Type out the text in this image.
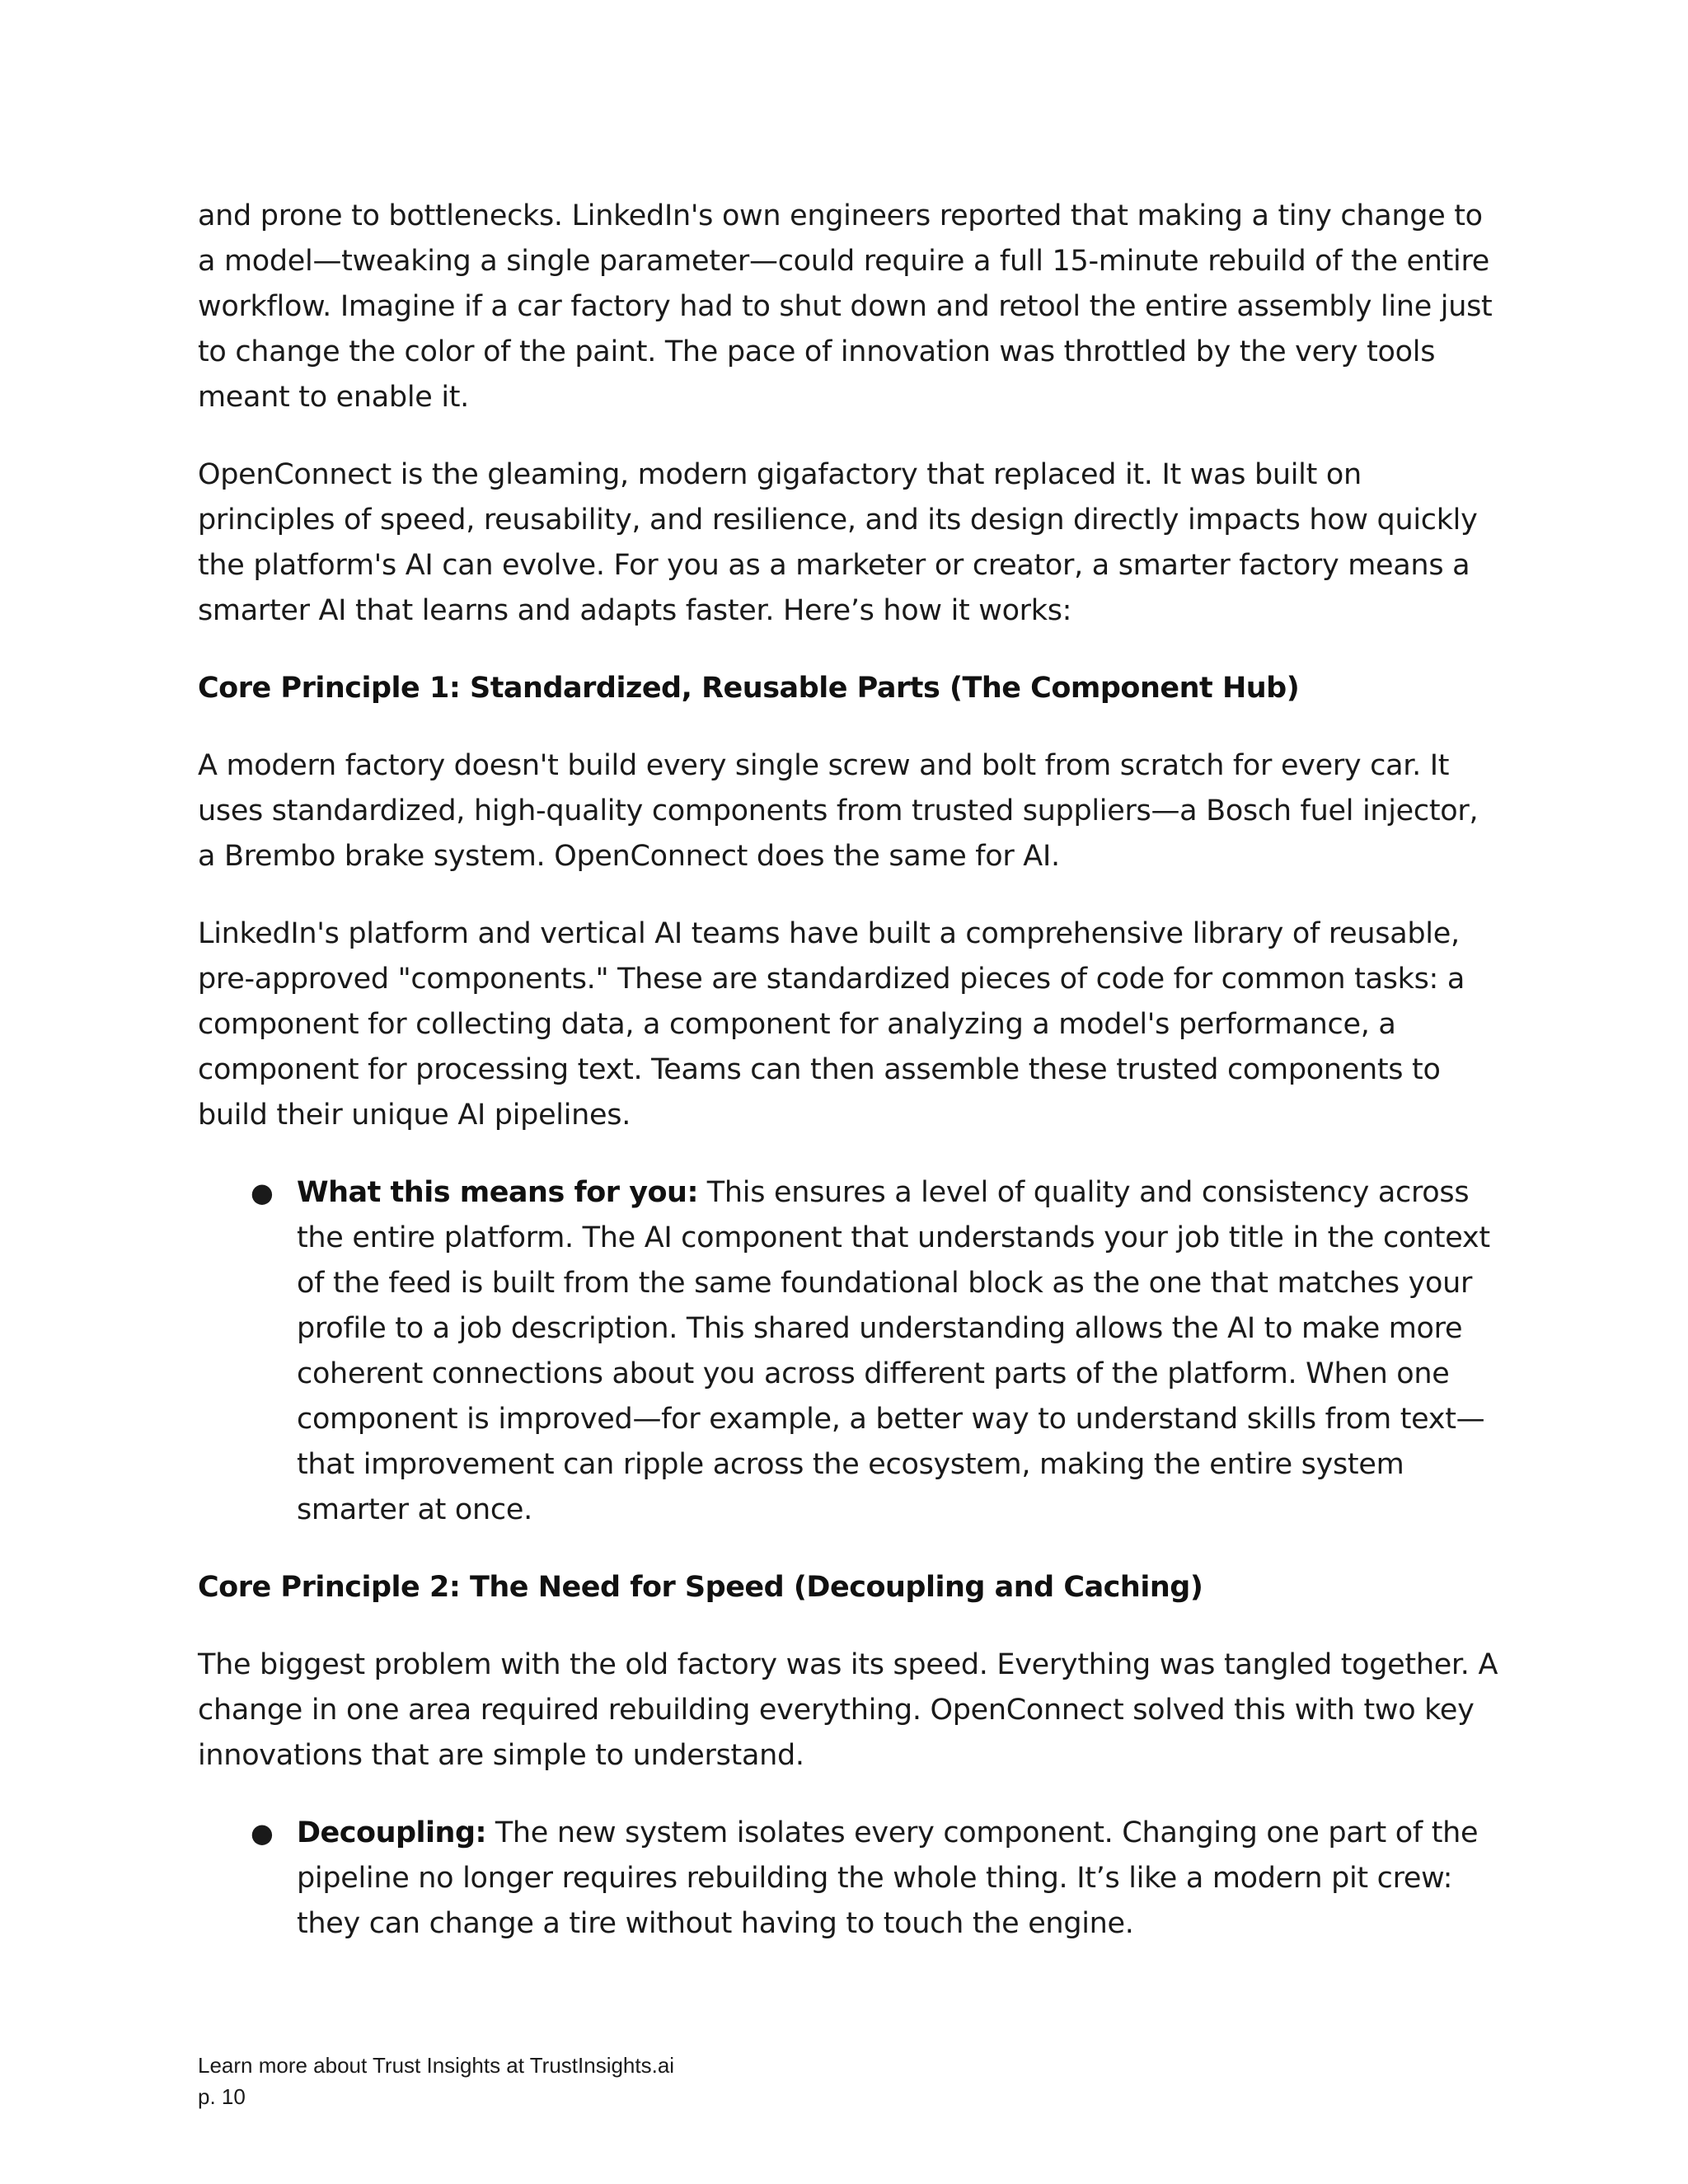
and prone to bottlenecks. LinkedIn's own engineers reported that making a tiny change to a model—tweaking a single parameter—could require a full 15-minute rebuild of the entire workflow. Imagine if a car factory had to shut down and retool the entire assembly line just to change the color of the paint. The pace of innovation was throttled by the very tools meant to enable it.

OpenConnect is the gleaming, modern gigafactory that replaced it. It was built on principles of speed, reusability, and resilience, and its design directly impacts how quickly the platform's AI can evolve. For you as a marketer or creator, a smarter factory means a smarter AI that learns and adapts faster. Here’s how it works:

Core Principle 1: Standardized, Reusable Parts (The Component Hub)

A modern factory doesn't build every single screw and bolt from scratch for every car. It uses standardized, high-quality components from trusted suppliers—a Bosch fuel injector, a Brembo brake system. OpenConnect does the same for AI.

LinkedIn's platform and vertical AI teams have built a comprehensive library of reusable, pre-approved "components." These are standardized pieces of code for common tasks: a component for collecting data, a component for analyzing a model's performance, a component for processing text. Teams can then assemble these trusted components to build their unique AI pipelines.

● What this means for you: This ensures a level of quality and consistency across the entire platform. The AI component that understands your job title in the context of the feed is built from the same foundational block as the one that matches your profile to a job description. This shared understanding allows the AI to make more coherent connections about you across different parts of the platform. When one component is improved—for example, a better way to understand skills from text—that improvement can ripple across the ecosystem, making the entire system smarter at once.

Core Principle 2: The Need for Speed (Decoupling and Caching)

The biggest problem with the old factory was its speed. Everything was tangled together. A change in one area required rebuilding everything. OpenConnect solved this with two key innovations that are simple to understand.

● Decoupling: The new system isolates every component. Changing one part of the pipeline no longer requires rebuilding the whole thing. It’s like a modern pit crew: they can change a tire without having to touch the engine.
Learn more about Trust Insights at TrustInsights.ai
p. 10
